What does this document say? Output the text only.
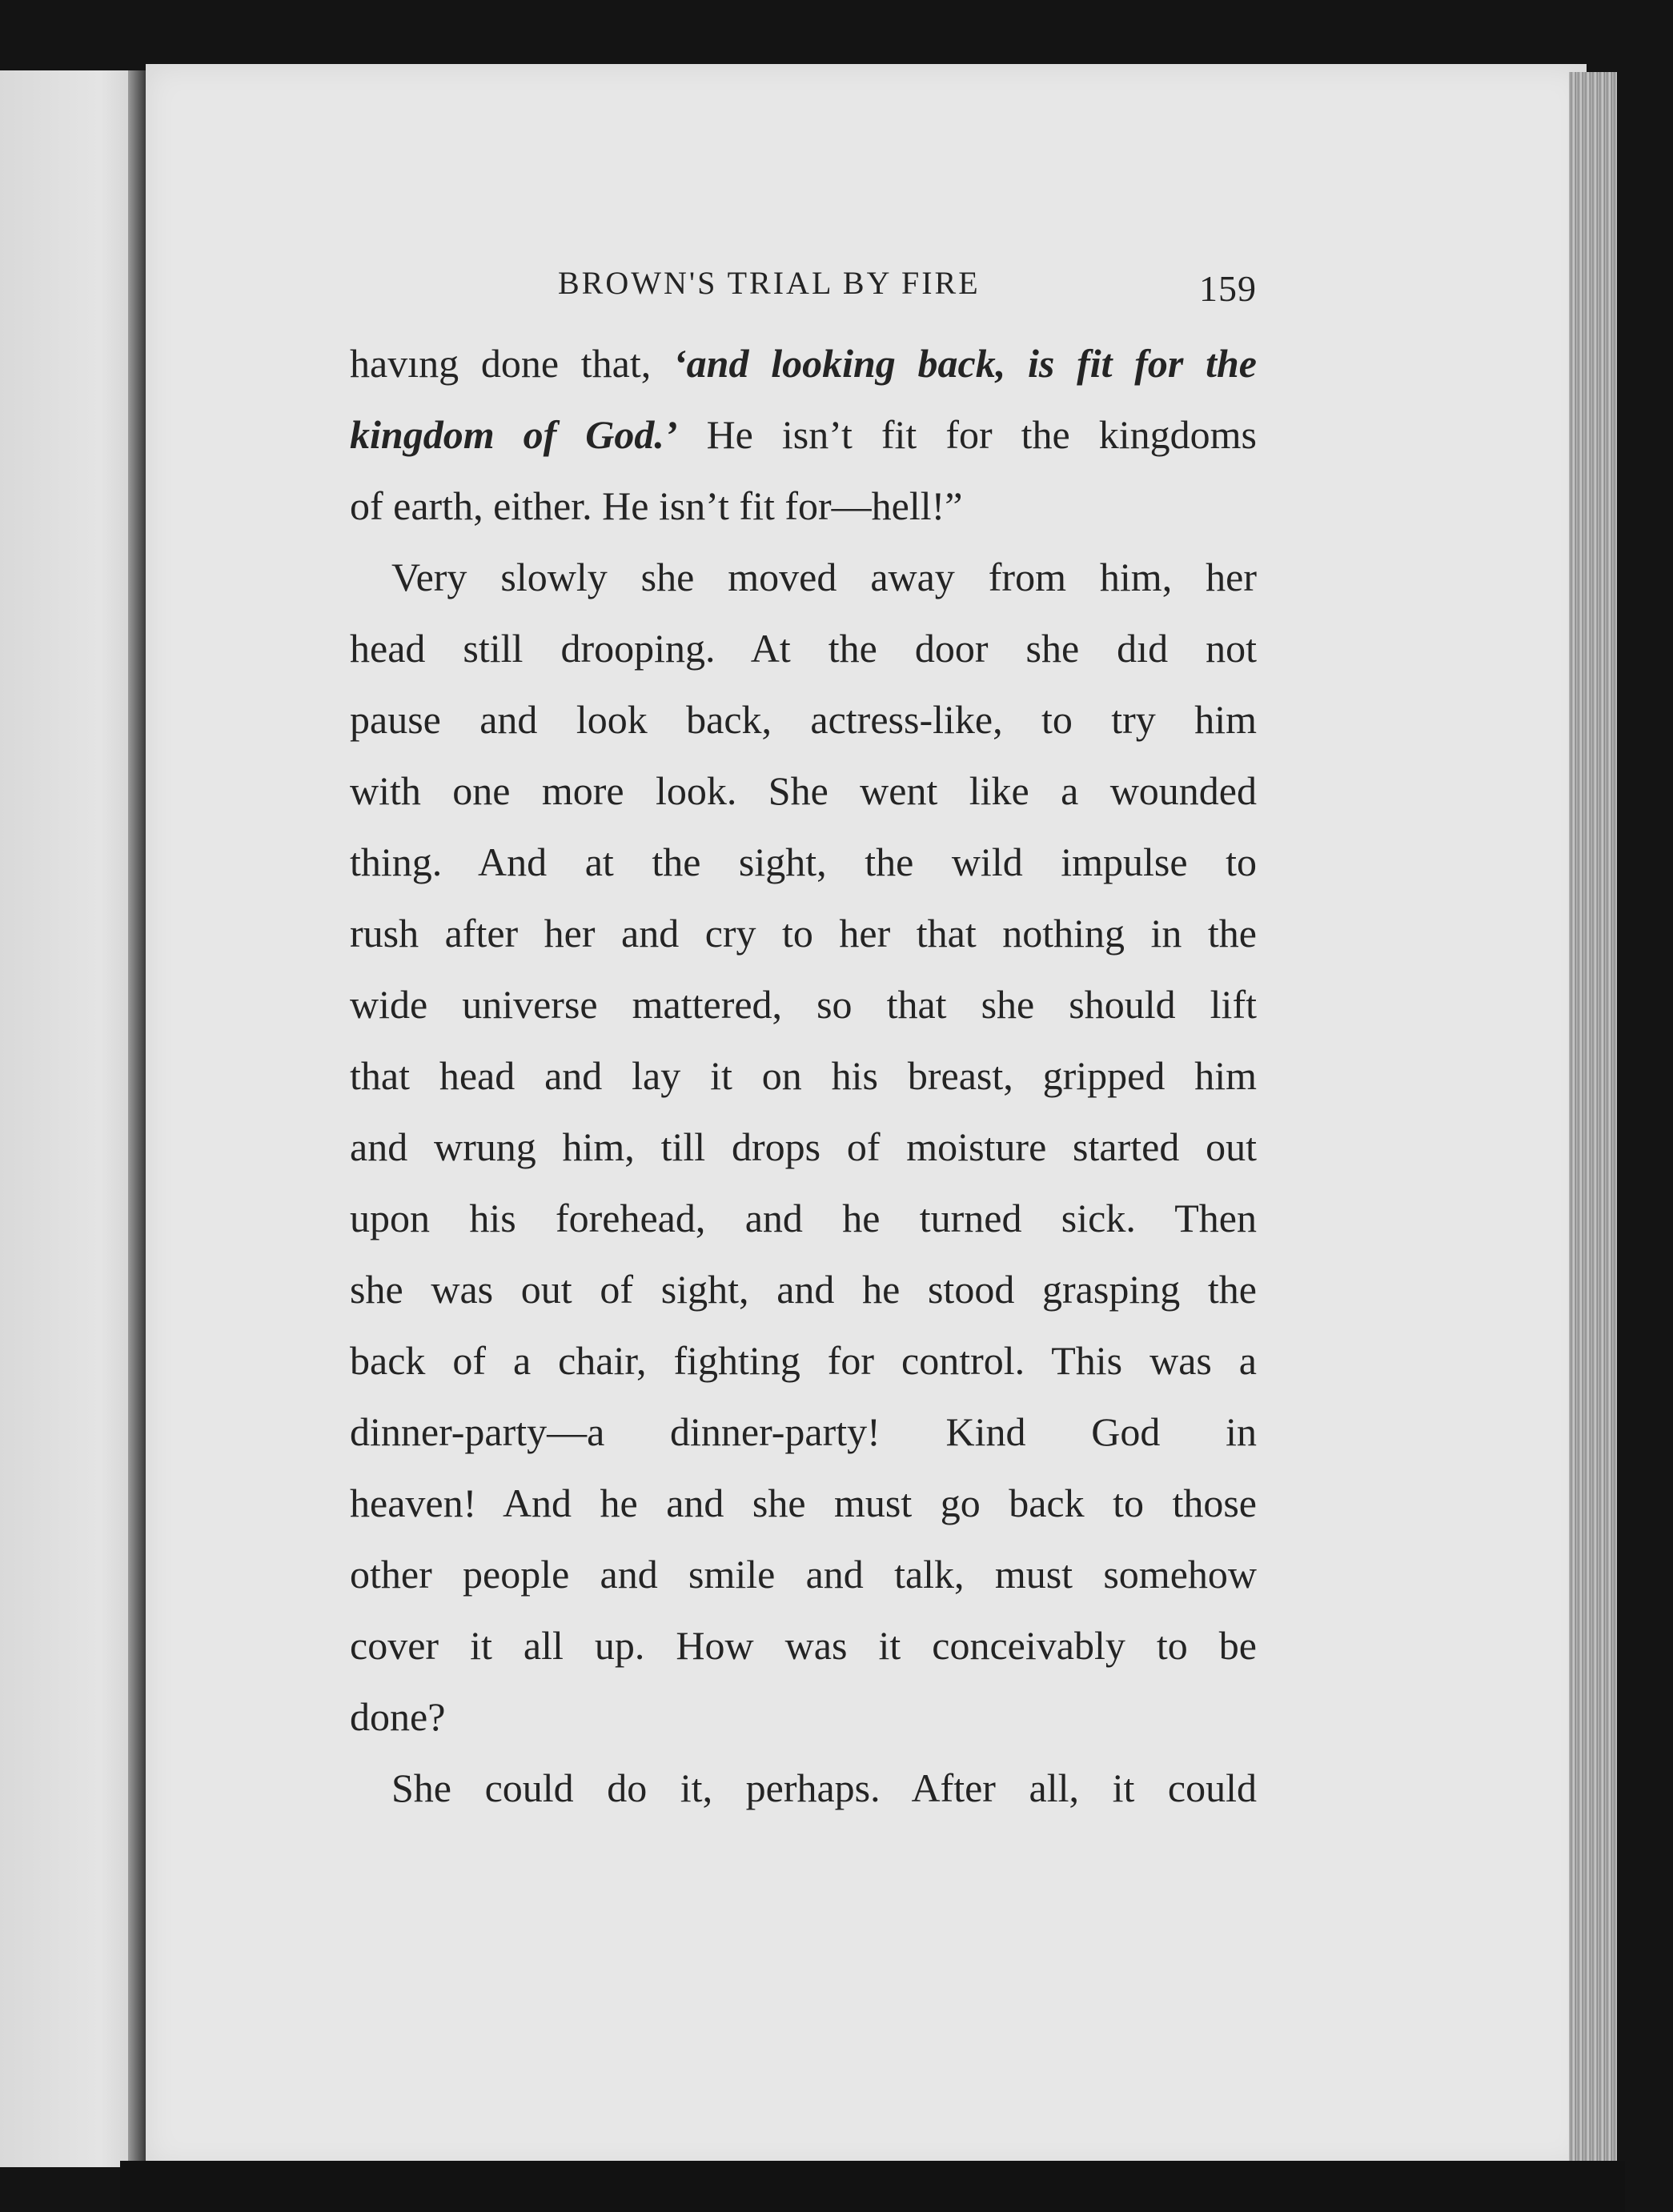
BROWN'S TRIAL BY FIRE	159
havıng done that, ‘and looking back, is fit for the
kingdom of God.’ He isn’t fit for the kingdoms
of earth, either. He isn’t fit for—hell!”
Very slowly she moved away from him, her
head still drooping. At the door she dıd not
pause and look back, actress-like, to try him
with one more look. She went like a wounded
thing. And at the sight, the wild impulse to
rush after her and cry to her that nothing in the
wide universe mattered, so that she should lift
that head and lay it on his breast, gripped him
and wrung him, till drops of moisture started out
upon his forehead, and he turned sick. Then
she was out of sight, and he stood grasping the
back of a chair, fighting for control. This was a
dinner-party—a dinner-party! Kind God in
heaven! And he and she must go back to those
other people and smile and talk, must somehow
cover it all up. How was it conceivably to be
done?
She could do it, perhaps. After all, it could
